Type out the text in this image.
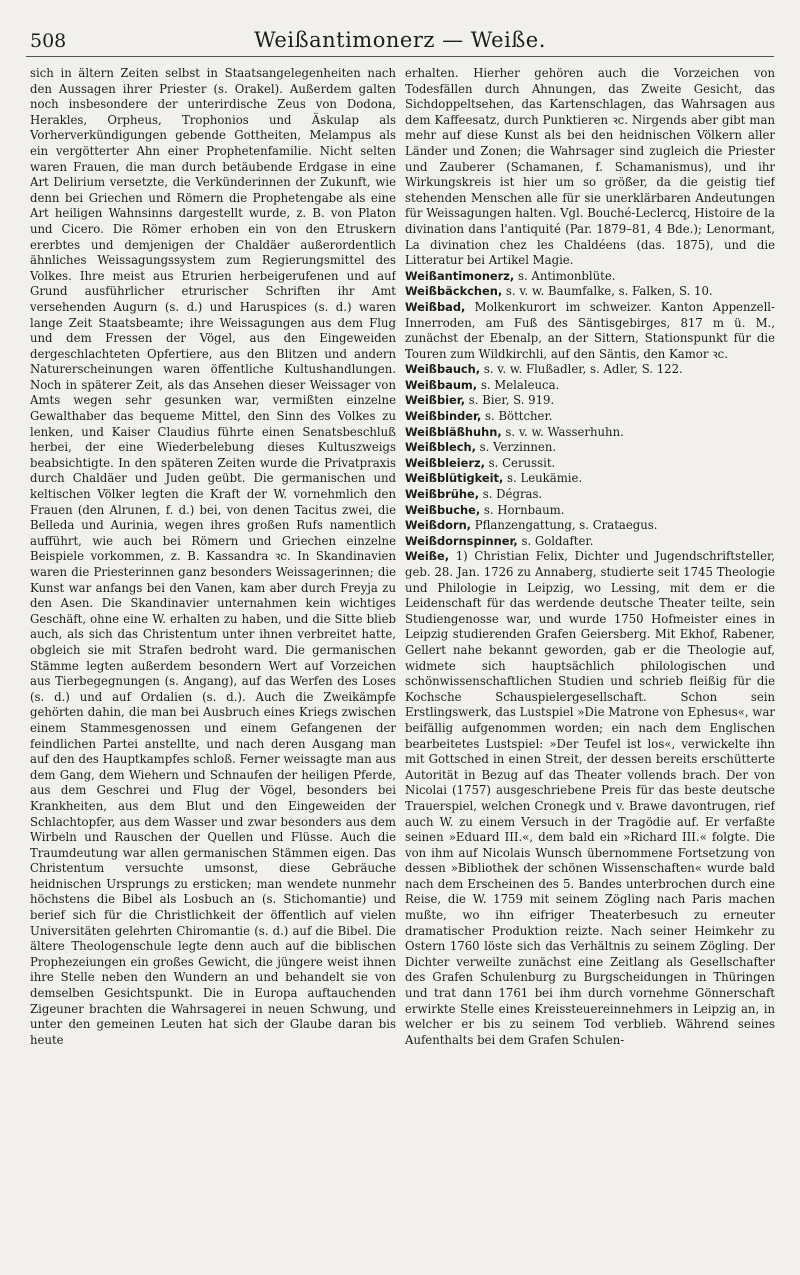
508	Weißantimonerz — Weiße.

sich in ältern Zeiten selbst in Staatsangelegenheiten nach den Aussagen ihrer Priester (s. Orakel). Außerdem galten noch insbesondere der unterirdische Zeus von Dodona, Herakles, Orpheus, Trophonios und Äskulap als Vorherverkündigungen gebende Gottheiten, Melampus als ein vergötterter Ahn einer Prophetenfamilie. Nicht selten waren Frauen, die man durch betäubende Erdgase in eine Art Delirium versetzte, die Verkünderinnen der Zukunft, wie denn bei Griechen und Römern die Prophetengabe als eine Art heiligen Wahnsinns dargestellt wurde, z. B. von Platon und Cicero. Die Römer erhoben ein von den Etruskern ererbtes und demjenigen der Chaldäer außerordentlich ähnliches Weissagungssystem zum Regierungsmittel des Volkes. Ihre meist aus Etrurien herbeigerufenen und auf Grund ausführlicher etrurischer Schriften ihr Amt versehenden Augurn (s. d.) und Haruspices (s. d.) waren lange Zeit Staatsbeamte; ihre Weissagungen aus dem Flug und dem Fressen der Vögel, aus den Eingeweiden dergeschlachteten Opfertiere, aus den Blitzen und andern Naturerscheinungen waren öffentliche Kultushandlungen. Noch in späterer Zeit, als das Ansehen dieser Weissager von Amts wegen sehr gesunken war, vermißten einzelne Gewalthaber das bequeme Mittel, den Sinn des Volkes zu lenken, und Kaiser Claudius führte einen Senatsbeschluß herbei, der eine Wiederbelebung dieses Kultuszweigs beabsichtigte. In den späteren Zeiten wurde die Privatpraxis durch Chaldäer und Juden geübt. Die germanischen und keltischen Völker legten die Kraft der W. vornehmlich den Frauen (den Alrunen, f. d.) bei, von denen Tacitus zwei, die Belleda und Aurinia, wegen ihres großen Rufs namentlich aufführt, wie auch bei Römern und Griechen einzelne Beispiele vorkommen, z. B. Kassandra ꝛc. In Skandinavien waren die Priesterinnen ganz besonders Weissagerinnen; die Kunst war anfangs bei den Vanen, kam aber durch Freyja zu den Asen. Die Skandinavier unternahmen kein wichtiges Geschäft, ohne eine W. erhalten zu haben, und die Sitte blieb auch, als sich das Christentum unter ihnen verbreitet hatte, obgleich sie mit Strafen bedroht ward. Die germanischen Stämme legten außerdem besondern Wert auf Vorzeichen aus Tierbegegnungen (s. Angang), auf das Werfen des Loses (s. d.) und auf Ordalien (s. d.). Auch die Zweikämpfe gehörten dahin, die man bei Ausbruch eines Kriegs zwischen einem Stammesgenossen und einem Gefangenen der feindlichen Partei anstellte, und nach deren Ausgang man auf den des Hauptkampfes schloß. Ferner weissagte man aus dem Gang, dem Wiehern und Schnaufen der heiligen Pferde, aus dem Geschrei und Flug der Vögel, besonders bei Krankheiten, aus dem Blut und den Eingeweiden der Schlachtopfer, aus dem Wasser und zwar besonders aus dem Wirbeln und Rauschen der Quellen und Flüsse. Auch die Traumdeutung war allen germanischen Stämmen eigen. Das Christentum versuchte umsonst, diese Gebräuche heidnischen Ursprungs zu ersticken; man wendete nunmehr höchstens die Bibel als Losbuch an (s. Stichomantie) und berief sich für die Christlichkeit der öffentlich auf vielen Universitäten gelehrten Chiromantie (s. d.) auf die Bibel. Die ältere Theologenschule legte denn auch auf die biblischen Prophezeiungen ein großes Gewicht, die jüngere weist ihnen ihre Stelle neben den Wundern an und behandelt sie von demselben Gesichtspunkt. Die in Europa auftauchenden Zigeuner brachten die Wahrsagerei in neuen Schwung, und unter den gemeinen Leuten hat sich der Glaube daran bis heute

erhalten. Hierher gehören auch die Vorzeichen von Todesfällen durch Ahnungen, das Zweite Gesicht, das Sichdoppeltsehen, das Kartenschlagen, das Wahrsagen aus dem Kaffeesatz, durch Punktieren ꝛc. Nirgends aber gibt man mehr auf diese Kunst als bei den heidnischen Völkern aller Länder und Zonen; die Wahrsager sind zugleich die Priester und Zauberer (Schamanen, f. Schamanismus), und ihr Wirkungskreis ist hier um so größer, da die geistig tief stehenden Menschen alle für sie unerklärbaren Andeutungen für Weissagungen halten. Vgl. Bouché-Leclercq, Histoire de la divination dans l'antiquité (Par. 1879–81, 4 Bde.); Lenormant, La divination chez les Chaldéens (das. 1875), und die Litteratur bei Artikel Magie.

Weißantimonerz, s. Antimonblüte.

Weißbäckchen, s. v. w. Baumfalke, s. Falken, S. 10.

Weißbad, Molkenkurort im schweizer. Kanton Appenzell-Innerroden, am Fuß des Säntisgebirges, 817 m ü. M., zunächst der Ebenalp, an der Sittern, Stationspunkt für die Touren zum Wildkirchli, auf den Säntis, den Kamor ꝛc.

Weißbauch, s. v. w. Flußadler, s. Adler, S. 122.

Weißbaum, s. Melaleuca.

Weißbier, s. Bier, S. 919.

Weißbinder, s. Böttcher.

Weißbläßhuhn, s. v. w. Wasserhuhn.

Weißblech, s. Verzinnen.

Weißbleierz, s. Cerussit.

Weißblütigkeit, s. Leukämie.

Weißbrühe, s. Dégras.

Weißbuche, s. Hornbaum.

Weißdorn, Pflanzengattung, s. Crataegus.

Weißdornspinner, s. Goldafter.

Weiße, 1) Christian Felix, Dichter und Jugendschriftsteller, geb. 28. Jan. 1726 zu Annaberg, studierte seit 1745 Theologie und Philologie in Leipzig, wo Lessing, mit dem er die Leidenschaft für das werdende deutsche Theater teilte, sein Studiengenosse war, und wurde 1750 Hofmeister eines in Leipzig studierenden Grafen Geiersberg. Mit Ekhof, Rabener, Gellert nahe bekannt geworden, gab er die Theologie auf, widmete sich hauptsächlich philologischen und schönwissenschaftlichen Studien und schrieb fleißig für die Kochsche Schauspielergesellschaft. Schon sein Erstlingswerk, das Lustspiel »Die Matrone von Ephesus«, war beifällig aufgenommen worden; ein nach dem Englischen bearbeitetes Lustspiel: »Der Teufel ist los«, verwickelte ihn mit Gottsched in einen Streit, der dessen bereits erschütterte Autorität in Bezug auf das Theater vollends brach. Der von Nicolai (1757) ausgeschriebene Preis für das beste deutsche Trauerspiel, welchen Cronegk und v. Brawe davontrugen, rief auch W. zu einem Versuch in der Tragödie auf. Er verfaßte seinen »Eduard III.«, dem bald ein »Richard III.« folgte. Die von ihm auf Nicolais Wunsch übernommene Fortsetzung von dessen »Bibliothek der schönen Wissenschaften« wurde bald nach dem Erscheinen des 5. Bandes unterbrochen durch eine Reise, die W. 1759 mit seinem Zögling nach Paris machen mußte, wo ihn eifriger Theaterbesuch zu erneuter dramatischer Produktion reizte. Nach seiner Heimkehr zu Ostern 1760 löste sich das Verhältnis zu seinem Zögling. Der Dichter verweilte zunächst eine Zeitlang als Gesellschafter des Grafen Schulenburg zu Burgscheidungen in Thüringen und trat dann 1761 bei ihm durch vornehme Gönnerschaft erwirkte Stelle eines Kreissteuereinnehmers in Leipzig an, in welcher er bis zu seinem Tod verblieb. Während seines Aufenthalts bei dem Grafen Schulen-
